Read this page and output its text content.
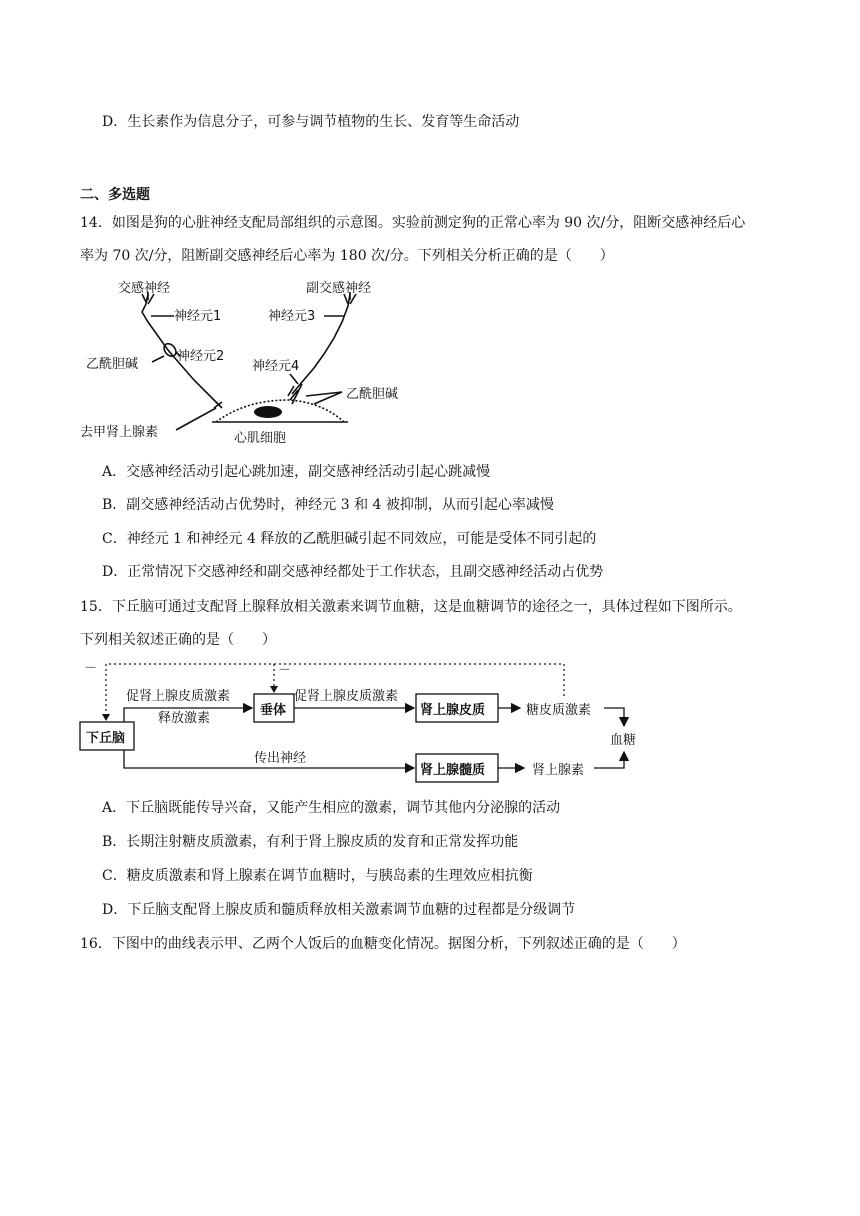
D．生长素作为信息分子，可参与调节植物的生长、发育等生命活动
二、多选题
14．如图是狗的心脏神经支配局部组织的示意图。实验前测定狗的正常心率为 90 次/分，阻断交感神经后心
率为 70 次/分，阻断副交感神经后心率为 180 次/分。下列相关分析正确的是（　　）
交感神经	副交感神经
神经元1	神经元3
神经元2
乙酰胆碱	神经元4
乙酰胆碱
去甲肾上腺素	心肌细胞
A．交感神经活动引起心跳加速，副交感神经活动引起心跳减慢
B．副交感神经活动占优势时，神经元 3 和 4 被抑制，从而引起心率减慢
C．神经元 1 和神经元 4 释放的乙酰胆碱引起不同效应，可能是受体不同引起的
D．正常情况下交感神经和副交感神经都处于工作状态，且副交感神经活动占优势
15．下丘脑可通过支配肾上腺释放相关激素来调节血糖，这是血糖调节的途径之一，具体过程如下图所示。
下列相关叙述正确的是（　　）
下丘脑
垂体	肾上腺皮质
肾上腺髓质
促肾上腺皮质激素
释放激素
促肾上腺皮质激素
糖皮质激素
血糖
传出神经
肾上腺素
－	－
A．下丘脑既能传导兴奋，又能产生相应的激素，调节其他内分泌腺的活动
B．长期注射糖皮质激素，有利于肾上腺皮质的发育和正常发挥功能
C．糖皮质激素和肾上腺素在调节血糖时，与胰岛素的生理效应相抗衡
D．下丘脑支配肾上腺皮质和髓质释放相关激素调节血糖的过程都是分级调节
16．下图中的曲线表示甲、乙两个人饭后的血糖变化情况。据图分析，下列叙述正确的是（　　）
